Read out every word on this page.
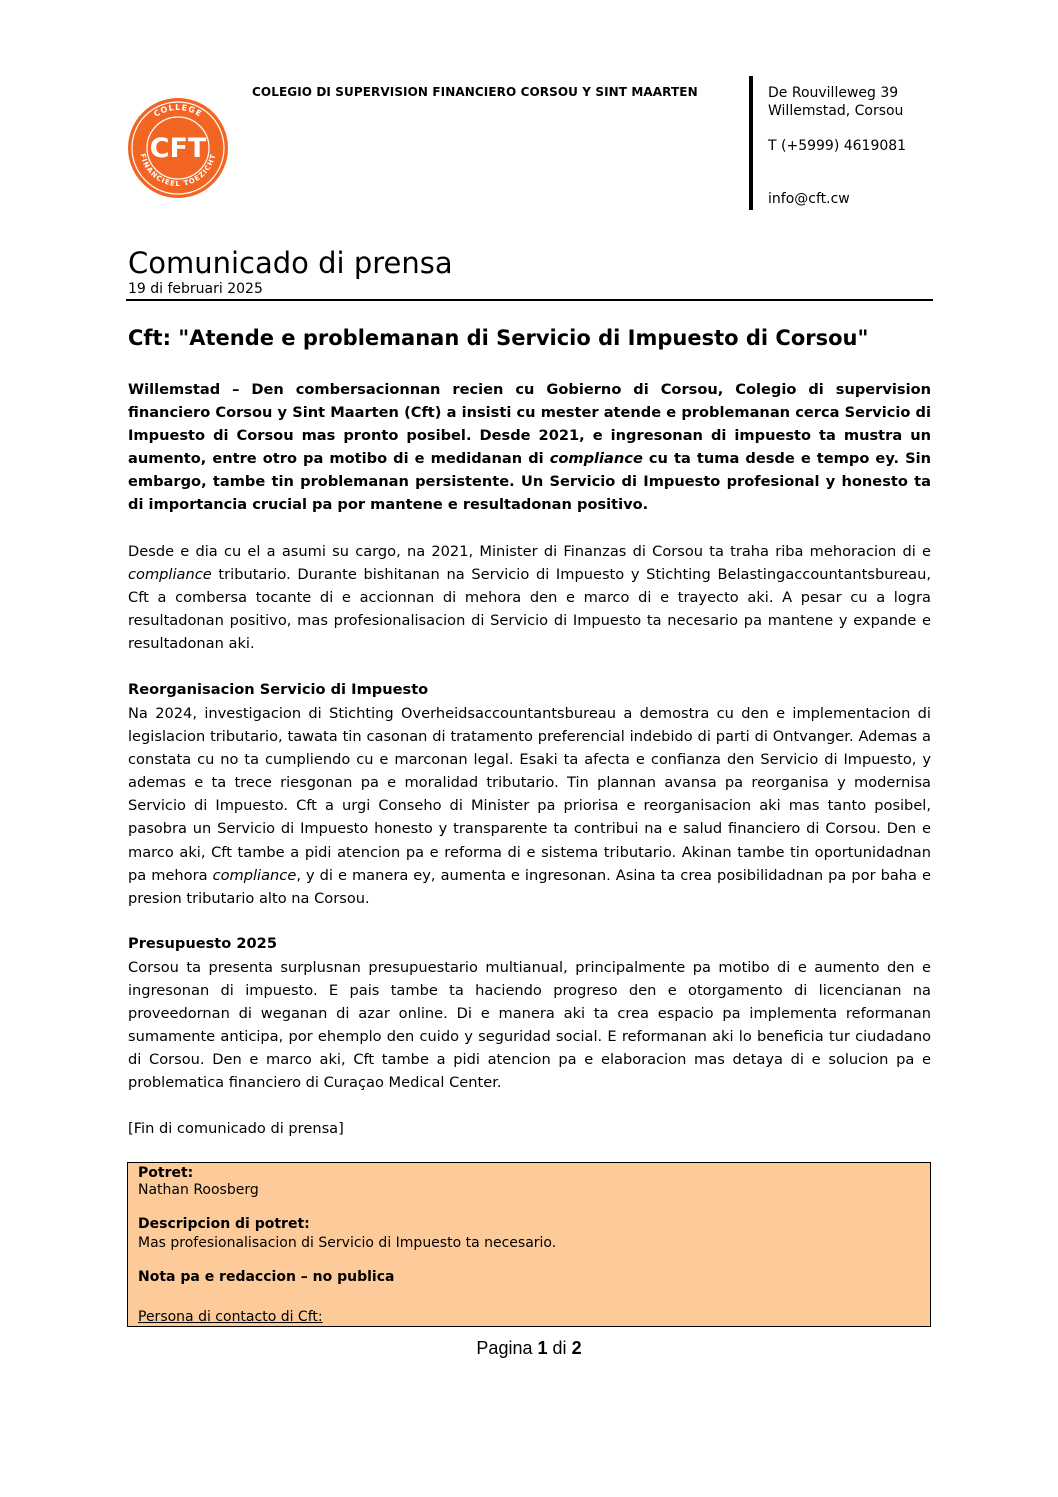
COLEGIO DI SUPERVISION FINANCIERO CORSOU Y SINT MAARTEN
COLLEGE
FINANCIEEL TOEZICHT
CFT
De Rouvilleweg 39
Willemstad, Corsou
T (+5999) 4619081
info@cft.cw
Comunicado di prensa
19 di februari 2025
Cft: "Atende e problemanan di Servicio di Impuesto di Corsou"
Willemstad – Den combersacionnan recien cu Gobierno di Corsou, Colegio di supervision financiero Corsou y Sint Maarten (Cft) a insisti cu mester atende e problemanan cerca Servicio di Impuesto di Corsou mas pronto posibel. Desde 2021, e ingresonan di impuesto ta mustra un aumento, entre otro pa motibo di e medidanan di compliance cu ta tuma desde e tempo ey. Sin embargo, tambe tin problemanan persistente. Un Servicio di Impuesto profesional y honesto ta di importancia crucial pa por mantene e resultadonan positivo.
Desde e dia cu el a asumi su cargo, na 2021, Minister di Finanzas di Corsou ta traha riba mehoracion di e compliance tributario. Durante bishitanan na Servicio di Impuesto y Stichting Belastingaccountantsbureau, Cft a combersa tocante di e accionnan di mehora den e marco di e trayecto aki. A pesar cu a logra resultadonan positivo, mas profesionalisacion di Servicio di Impuesto ta necesario pa mantene y expande e resultadonan aki.
Reorganisacion Servicio di Impuesto
Na 2024, investigacion di Stichting Overheidsaccountantsbureau a demostra cu den e implementacion di legislacion tributario, tawata tin casonan di tratamento preferencial indebido di parti di Ontvanger. Ademas a constata cu no ta cumpliendo cu e marconan legal. Esaki ta afecta e confianza den Servicio di Impuesto, y ademas e ta trece riesgonan pa e moralidad tributario. Tin plannan avansa pa reorganisa y modernisa Servicio di Impuesto. Cft a urgi Conseho di Minister pa priorisa e reorganisacion aki mas tanto posibel, pasobra un Servicio di Impuesto honesto y transparente ta contribui na e salud financiero di Corsou. Den e marco aki, Cft tambe a pidi atencion pa e reforma di e sistema tributario. Akinan tambe tin oportunidadnan pa mehora compliance, y di e manera ey, aumenta e ingresonan. Asina ta crea posibilidadnan pa por baha e presion tributario alto na Corsou.
Presupuesto 2025
Corsou ta presenta surplusnan presupuestario multianual, principalmente pa motibo di e aumento den e ingresonan di impuesto. E pais tambe ta haciendo progreso den e otorgamento di licencianan na proveedornan di weganan di azar online. Di e manera aki ta crea espacio pa implementa reformanan sumamente anticipa, por ehemplo den cuido y seguridad social. E reformanan aki lo beneficia tur ciudadano di Corsou. Den e marco aki, Cft tambe a pidi atencion pa e elaboracion mas detaya di e solucion pa e problematica financiero di Curaçao Medical Center.
[Fin di comunicado di prensa]
Potret:
Nathan Roosberg
Descripcion di potret:
Mas profesionalisacion di Servicio di Impuesto ta necesario.
Nota pa e redaccion – no publica
Persona di contacto di Cft:
Pagina 1 di 2
